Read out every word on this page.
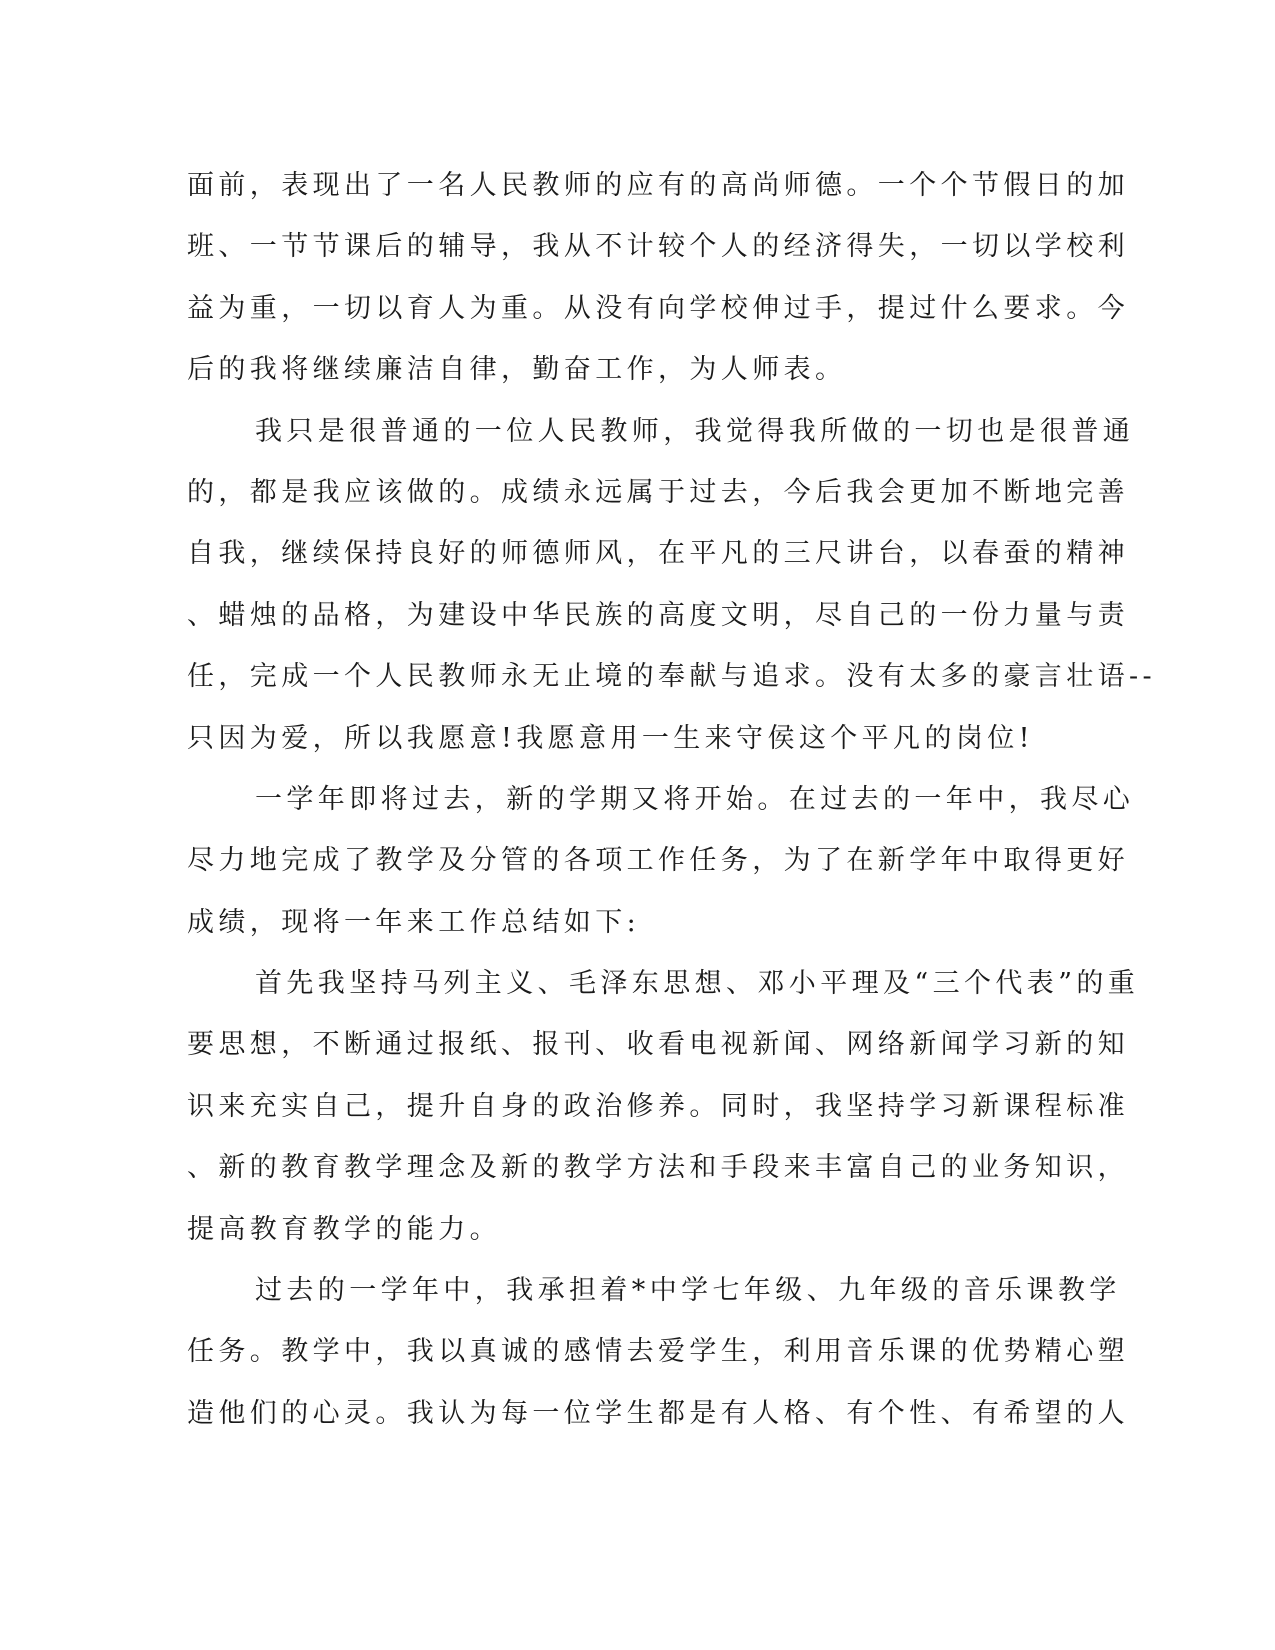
面前，表现出了一名人民教师的应有的高尚师德。一个个节假日的加
班、一节节课后的辅导，我从不计较个人的经济得失，一切以学校利
益为重，一切以育人为重。从没有向学校伸过手，提过什么要求。今
后的我将继续廉洁自律，勤奋工作，为人师表。
我只是很普通的一位人民教师，我觉得我所做的一切也是很普通
的，都是我应该做的。成绩永远属于过去，今后我会更加不断地完善
自我，继续保持良好的师德师风，在平凡的三尺讲台，以春蚕的精神
、蜡烛的品格，为建设中华民族的高度文明，尽自己的一份力量与责
任，完成一个人民教师永无止境的奉献与追求。没有太多的豪言壮语--
只因为爱，所以我愿意!我愿意用一生来守侯这个平凡的岗位!
一学年即将过去，新的学期又将开始。在过去的一年中，我尽心
尽力地完成了教学及分管的各项工作任务，为了在新学年中取得更好
成绩，现将一年来工作总结如下:
首先我坚持马列主义、毛泽东思想、邓小平理及“三个代表”的重
要思想，不断通过报纸、报刊、收看电视新闻、网络新闻学习新的知
识来充实自己，提升自身的政治修养。同时，我坚持学习新课程标准
、新的教育教学理念及新的教学方法和手段来丰富自己的业务知识，
提高教育教学的能力。
过去的一学年中，我承担着*中学七年级、九年级的音乐课教学
任务。教学中，我以真诚的感情去爱学生，利用音乐课的优势精心塑
造他们的心灵。我认为每一位学生都是有人格、有个性、有希望的人
